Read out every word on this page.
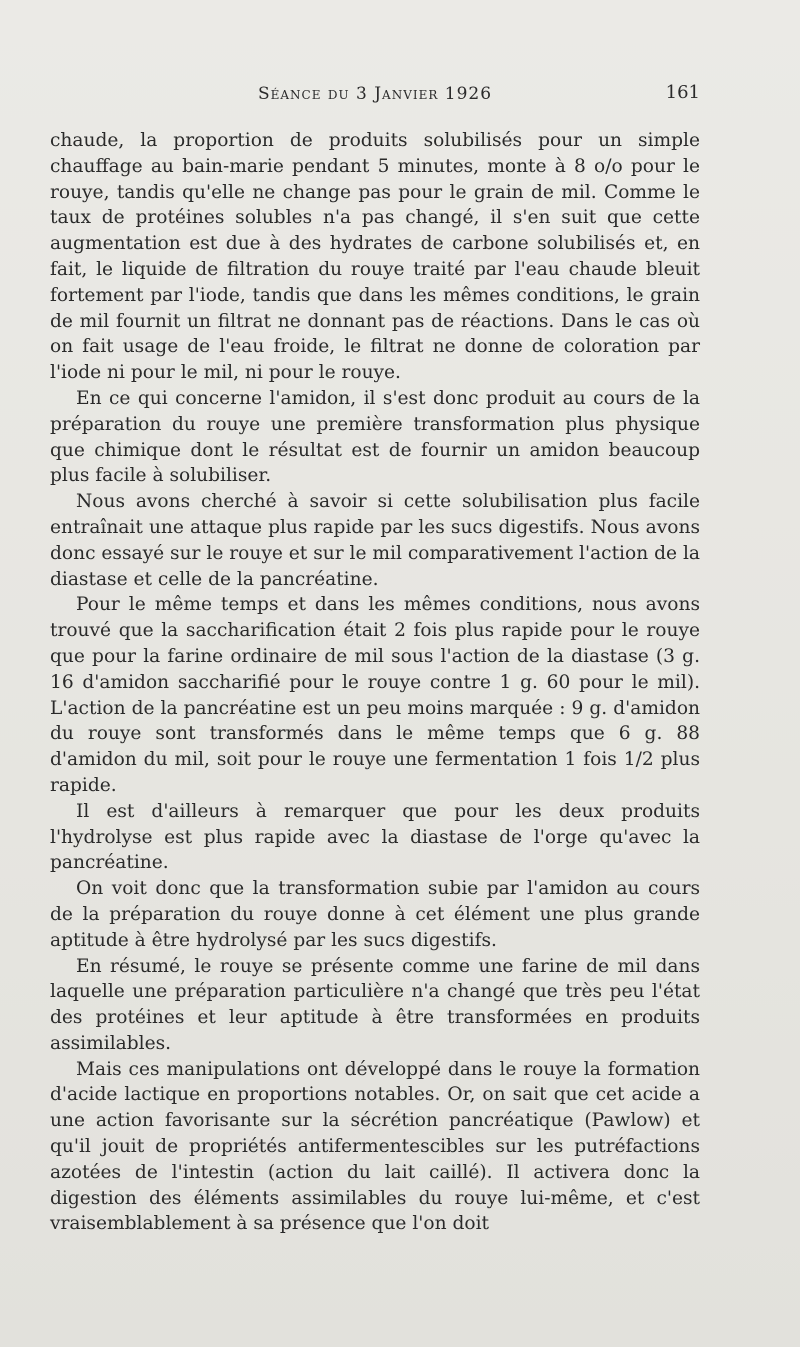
Séance du 3 Janvier 1926	161

chaude, la proportion de produits solubilisés pour un simple chauffage au bain-marie pendant 5 minutes, monte à 8 o/o pour le rouye, tandis qu'elle ne change pas pour le grain de mil. Comme le taux de protéines solubles n'a pas changé, il s'en suit que cette augmentation est due à des hydrates de carbone solubilisés et, en fait, le liquide de filtration du rouye traité par l'eau chaude bleuit fortement par l'iode, tandis que dans les mêmes conditions, le grain de mil fournit un filtrat ne donnant pas de réactions. Dans le cas où on fait usage de l'eau froide, le filtrat ne donne de coloration par l'iode ni pour le mil, ni pour le rouye.

En ce qui concerne l'amidon, il s'est donc produit au cours de la préparation du rouye une première transformation plus physique que chimique dont le résultat est de fournir un amidon beaucoup plus facile à solubiliser.

Nous avons cherché à savoir si cette solubilisation plus facile entraînait une attaque plus rapide par les sucs digestifs. Nous avons donc essayé sur le rouye et sur le mil comparativement l'action de la diastase et celle de la pancréatine.

Pour le même temps et dans les mêmes conditions, nous avons trouvé que la saccharification était 2 fois plus rapide pour le rouye que pour la farine ordinaire de mil sous l'action de la diastase (3 g. 16 d'amidon saccharifié pour le rouye contre 1 g. 60 pour le mil). L'action de la pancréatine est un peu moins marquée : 9 g. d'amidon du rouye sont transformés dans le même temps que 6 g. 88 d'amidon du mil, soit pour le rouye une fermentation 1 fois 1/2 plus rapide.

Il est d'ailleurs à remarquer que pour les deux produits l'hydrolyse est plus rapide avec la diastase de l'orge qu'avec la pancréatine.

On voit donc que la transformation subie par l'amidon au cours de la préparation du rouye donne à cet élément une plus grande aptitude à être hydrolysé par les sucs digestifs.

En résumé, le rouye se présente comme une farine de mil dans laquelle une préparation particulière n'a changé que très peu l'état des protéines et leur aptitude à être transformées en produits assimilables.

Mais ces manipulations ont développé dans le rouye la formation d'acide lactique en proportions notables. Or, on sait que cet acide a une action favorisante sur la sécrétion pancréatique (Pawlow) et qu'il jouit de propriétés antifermentescibles sur les putréfactions azotées de l'intestin (action du lait caillé). Il activera donc la digestion des éléments assimilables du rouye lui-même, et c'est vraisemblablement à sa présence que l'on doit
